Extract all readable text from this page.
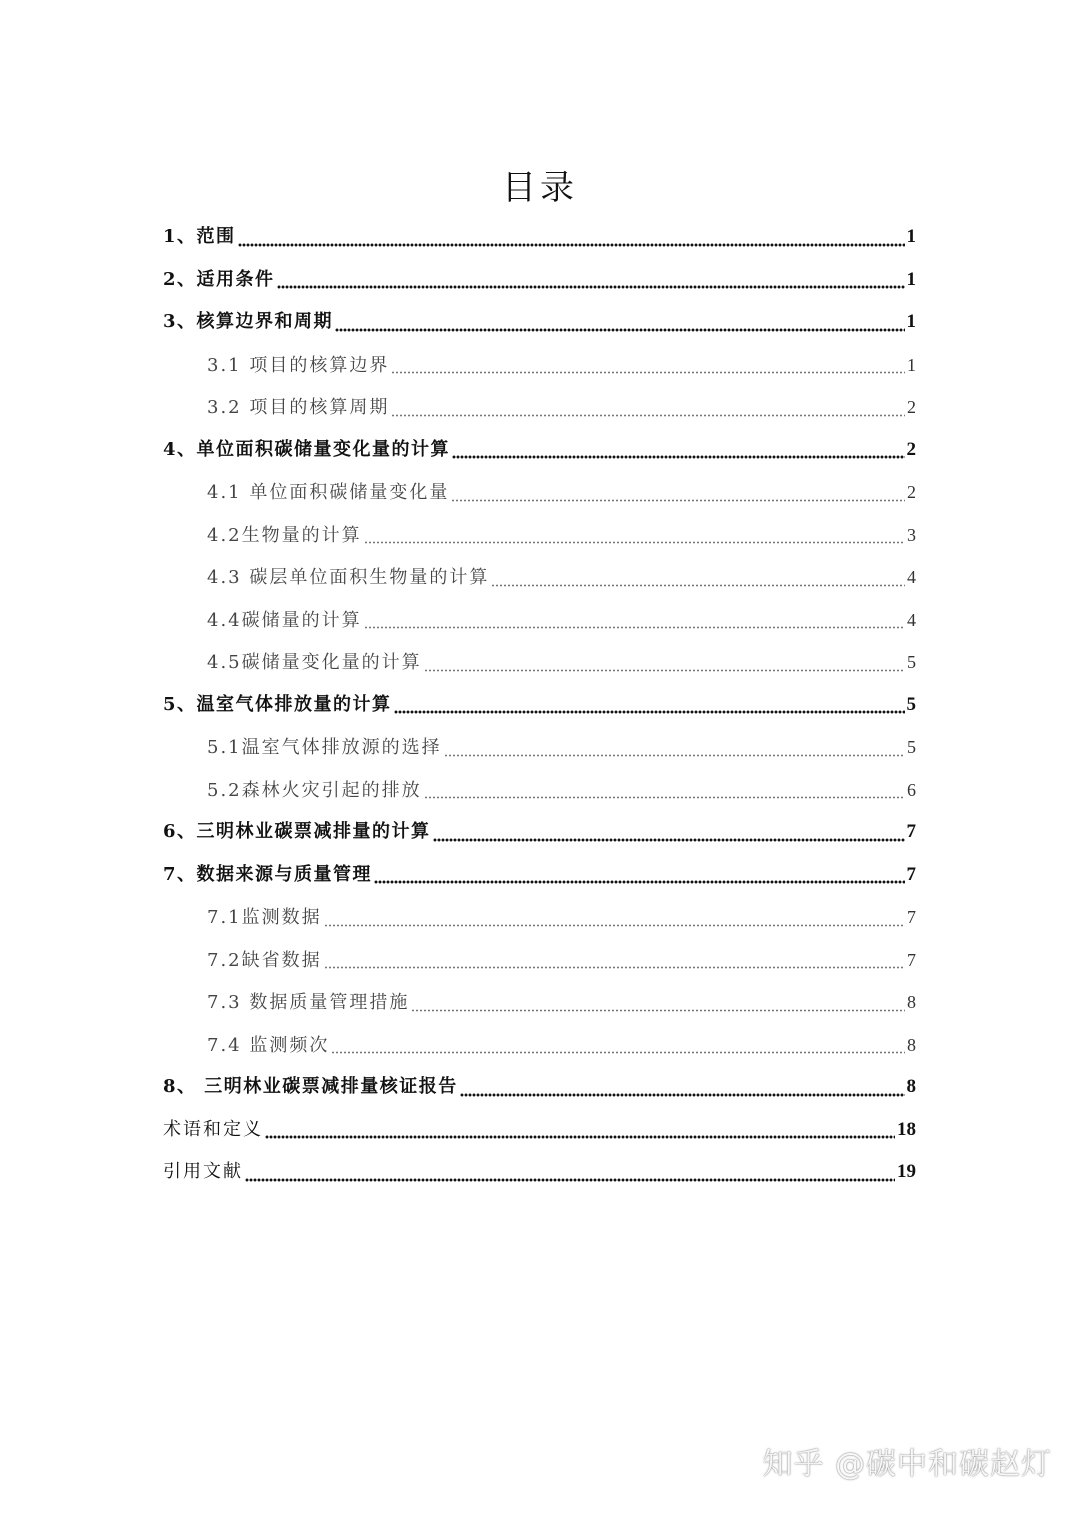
目录
1、范围	1
2、适用条件	1
3、核算边界和周期	1
3.1 项目的核算边界	1
3.2 项目的核算周期	2
4、单位面积碳储量变化量的计算	2
4.1 单位面积碳储量变化量	2
4.2生物量的计算	3
4.3 碳层单位面积生物量的计算	4
4.4碳储量的计算	4
4.5碳储量变化量的计算	5
5、温室气体排放量的计算	5
5.1温室气体排放源的选择	5
5.2森林火灾引起的排放	6
6、三明林业碳票减排量的计算	7
7、数据来源与质量管理	7
7.1监测数据	7
7.2缺省数据	7
7.3 数据质量管理措施	8
7.4 监测频次	8
8、 三明林业碳票减排量核证报告	8
术语和定义	18
引用文献	19
知乎 @碳中和碳赵灯
